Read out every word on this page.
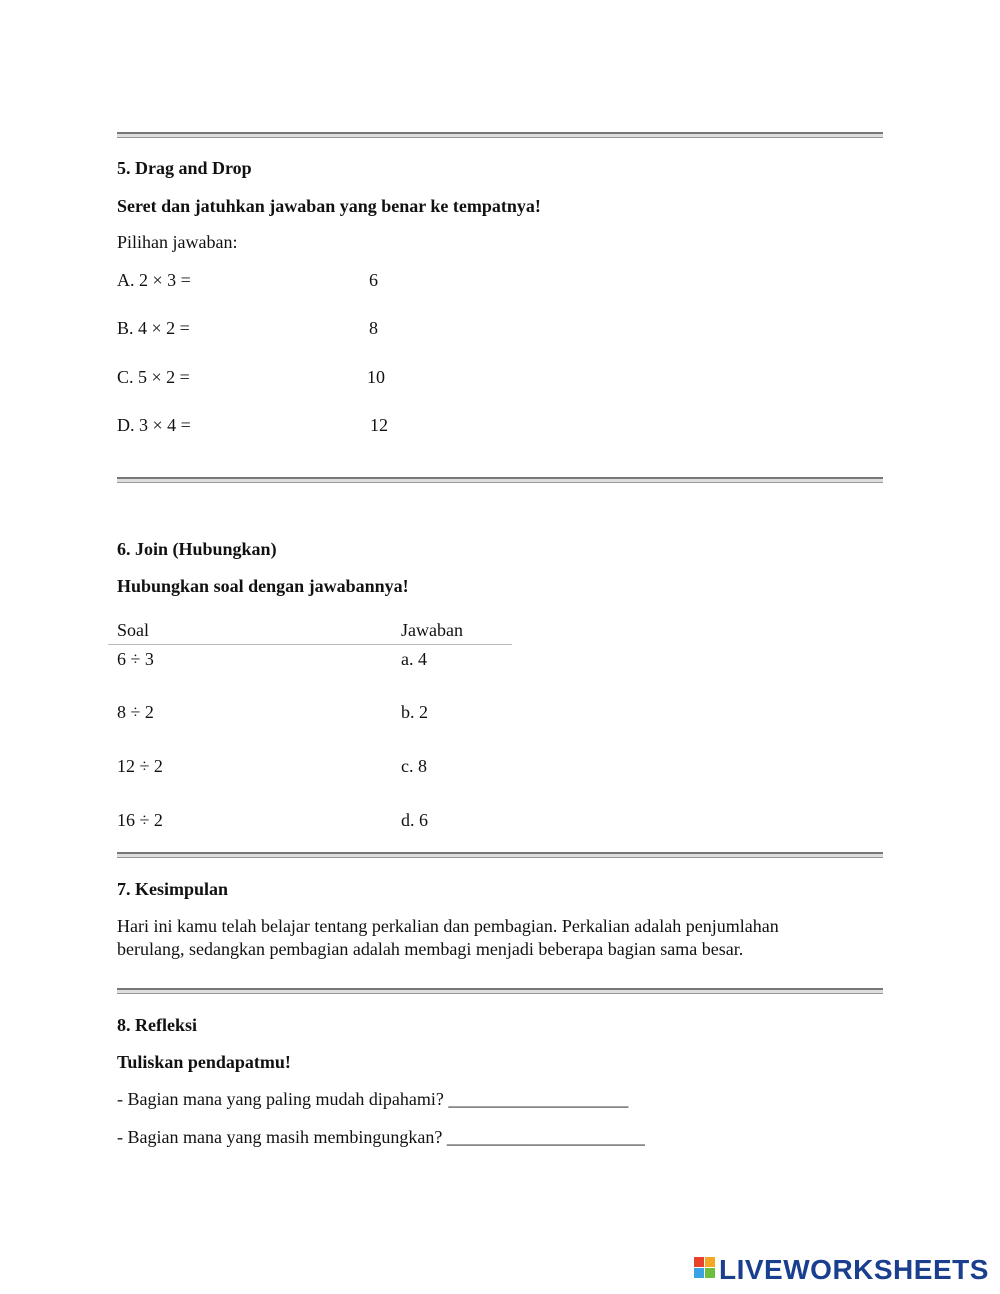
5. Drag and Drop
Seret dan jatuhkan jawaban yang benar ke tempatnya!
Pilihan jawaban:
A. 2 × 3 =	6
B. 4 × 2 =	8
C. 5 × 2 =	10
D. 3 × 4 =	12
6. Join (Hubungkan)
Hubungkan soal dengan jawabannya!
Soal	Jawaban
6 ÷ 3	a. 4
8 ÷ 2	b. 2
12 ÷ 2	c. 8
16 ÷ 2	d. 6
7. Kesimpulan
Hari ini kamu telah belajar tentang perkalian dan pembagian. Perkalian adalah penjumlahan
berulang, sedangkan pembagian adalah membagi menjadi beberapa bagian sama besar.
8. Refleksi
Tuliskan pendapatmu!
- Bagian mana yang paling mudah dipahami? ____________________
- Bagian mana yang masih membingungkan? ______________________
LIVEWORKSHEETS
